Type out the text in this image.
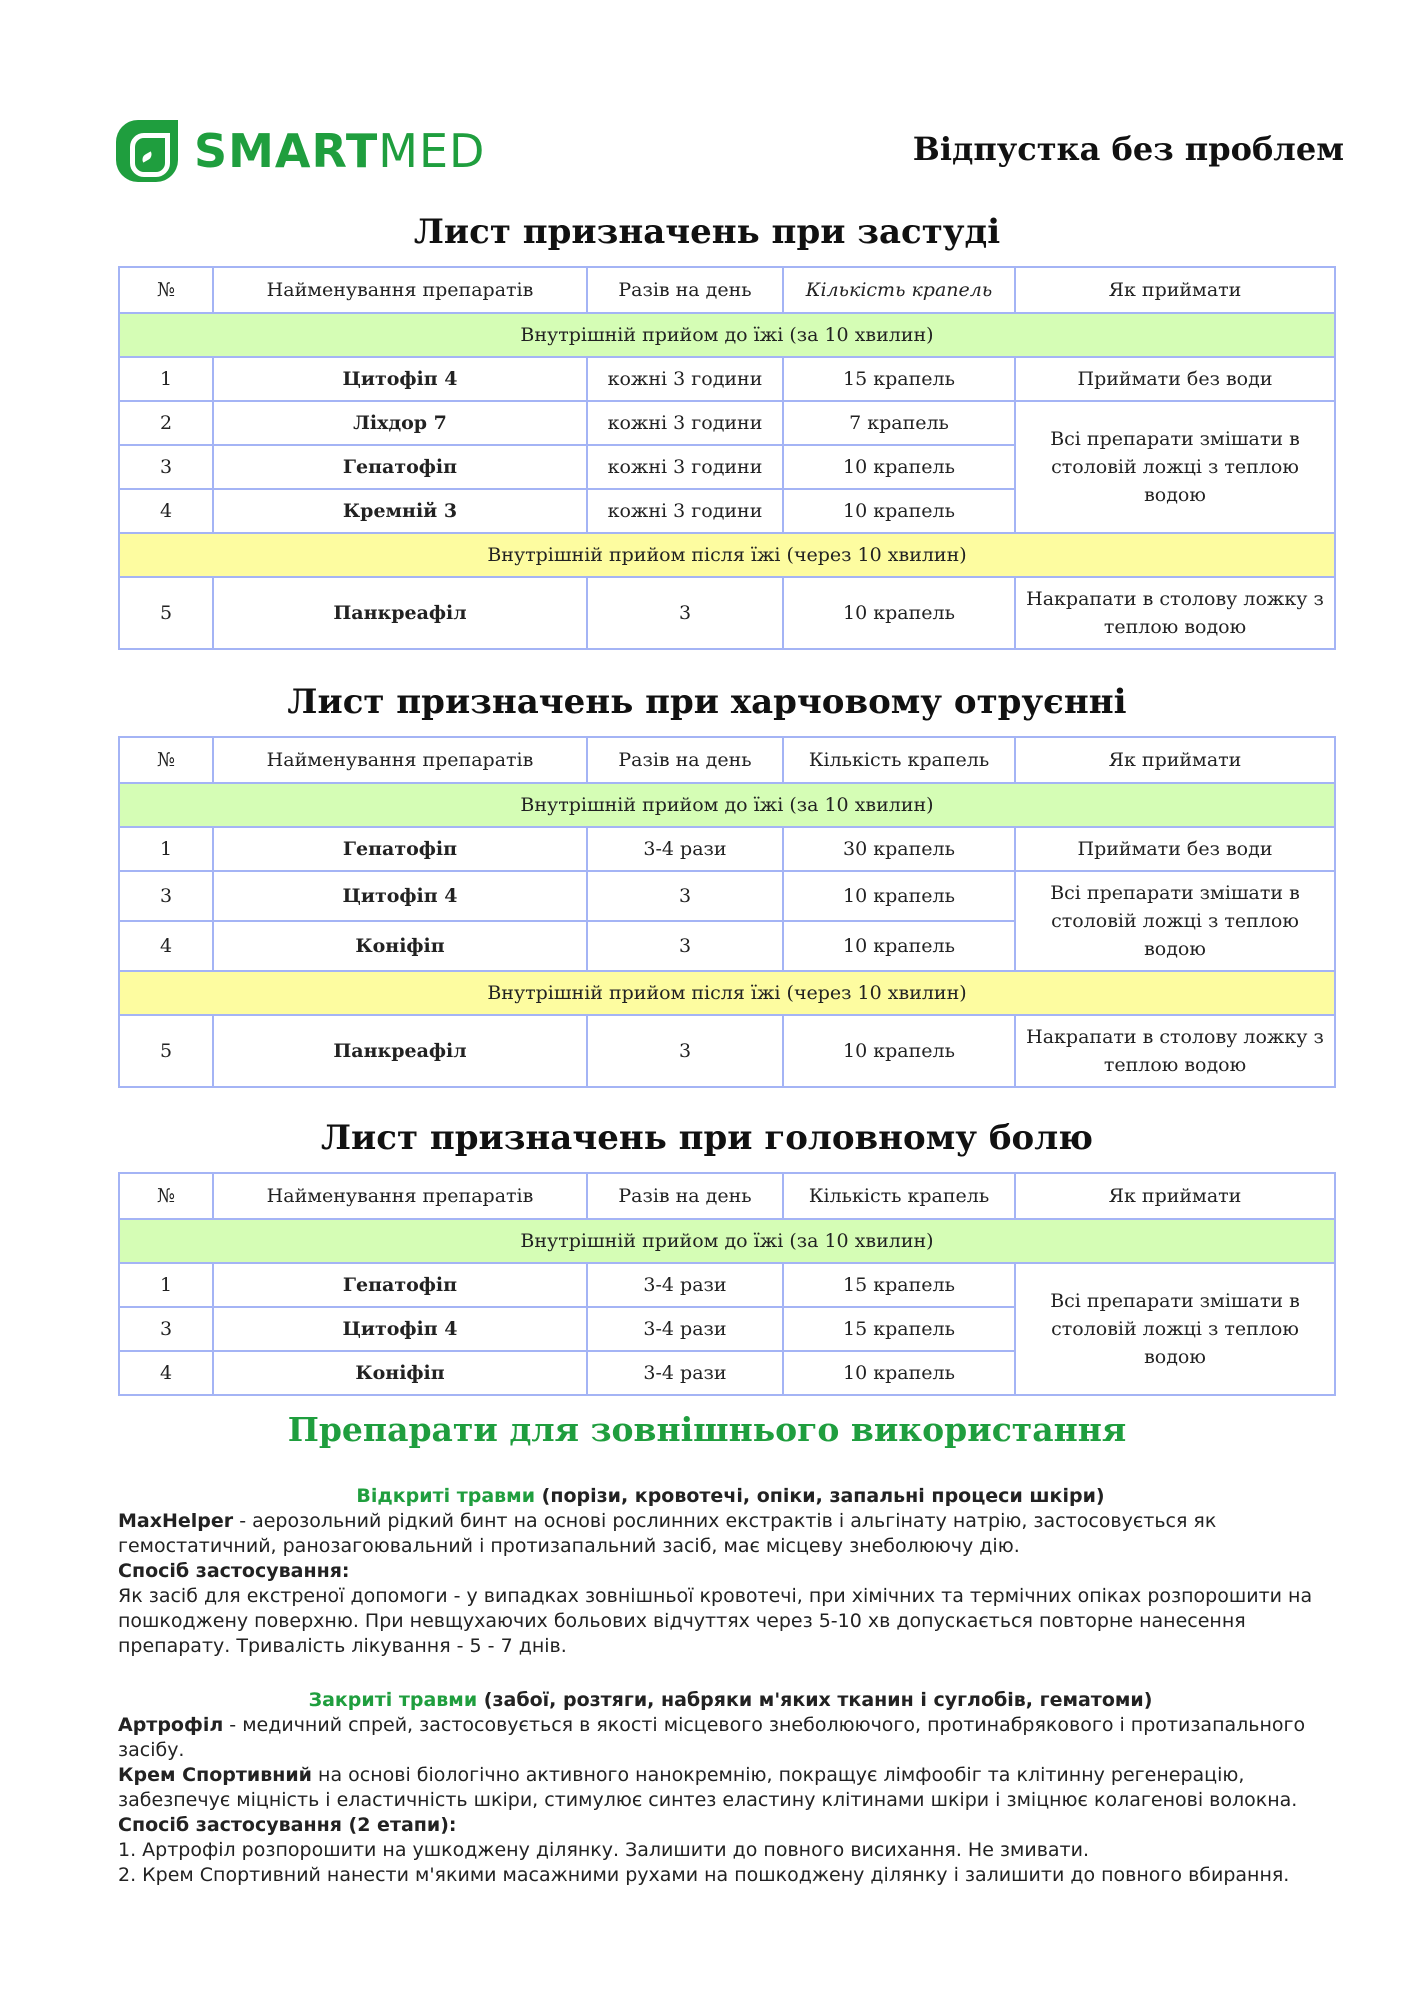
SMARTMED	Відпустка без проблем
Лист призначень при застуді
№	Найменування препаратів	Разів на день	Кількість крапель	Як приймати
Внутрішній прийом до їжі (за 10 хвилин)				
1	Цитофіп 4	кожні 3 години	15 крапель	Приймати без води
2	Ліхдор 7	кожні 3 години	7 крапель	Всі препарати змішати в столовій ложці з теплою водою
3	Гепатофіп	кожні 3 години	10 крапель	
4	Кремній 3	кожні 3 години	10 крапель	
Внутрішній прийом після їжі (через 10 хвилин)				
5	Панкреафіл	3	10 крапель	Накрапати в столову ложку з теплою водою
Лист призначень при харчовому отруєнні
№	Найменування препаратів	Разів на день	Кількість крапель	Як приймати
Внутрішній прийом до їжі (за 10 хвилин)				
1	Гепатофіп	3-4 рази	30 крапель	Приймати без води
3	Цитофіп 4	3	10 крапель	Всі препарати змішати в столовій ложці з теплою водою
4	Коніфіп	3	10 крапель	
Внутрішній прийом після їжі (через 10 хвилин)				
5	Панкреафіл	3	10 крапель	Накрапати в столову ложку з теплою водою
Лист призначень при головному болю
№	Найменування препаратів	Разів на день	Кількість крапель	Як приймати
Внутрішній прийом до їжі (за 10 хвилин)				
1	Гепатофіп	3-4 рази	15 крапель	Всі препарати змішати в столовій ложці з теплою водою
3	Цитофіп 4	3-4 рази	15 крапель	
4	Коніфіп	3-4 рази	10 крапель	
Препарати для зовнішнього використання

Відкриті травми (порізи, кровотечі, опіки, запальні процеси шкіри)

MaxHelper - аерозольний рідкий бинт на основі рослинних екстрактів і альгінату натрію, застосовується як гемостатичний, ранозагоювальний і протизапальний засіб, має місцеву знеболюючу дію.

Спосіб застосування:

Як засіб для екстреної допомоги - у випадках зовнішньої кровотечі, при хімічних та термічних опіках розпорошити на пошкоджену поверхню. При невщухаючих больових відчуттях через 5-10 хв допускається повторне нанесення препарату. Тривалість лікування - 5 - 7 днів.

Закриті травми (забої, розтяги, набряки м'яких тканин і суглобів, гематоми)

Артрофіл - медичний спрей, застосовується в якості місцевого знеболюючого, протинабрякового і протизапального засібу.

Крем Спортивний на основі біологічно активного нанокремнію, покращує лімфообіг та клітинну регенерацію, забезпечує міцність і еластичність шкіри, стимулює синтез еластину клітинами шкіри і зміцнює колагенові волокна.

Спосіб застосування (2 етапи):

1. Артрофіл розпорошити на ушкоджену ділянку. Залишити до повного висихання. Не змивати.

2. Крем Спортивний нанести м'якими масажними рухами на пошкоджену ділянку і залишити до повного вбирання.
